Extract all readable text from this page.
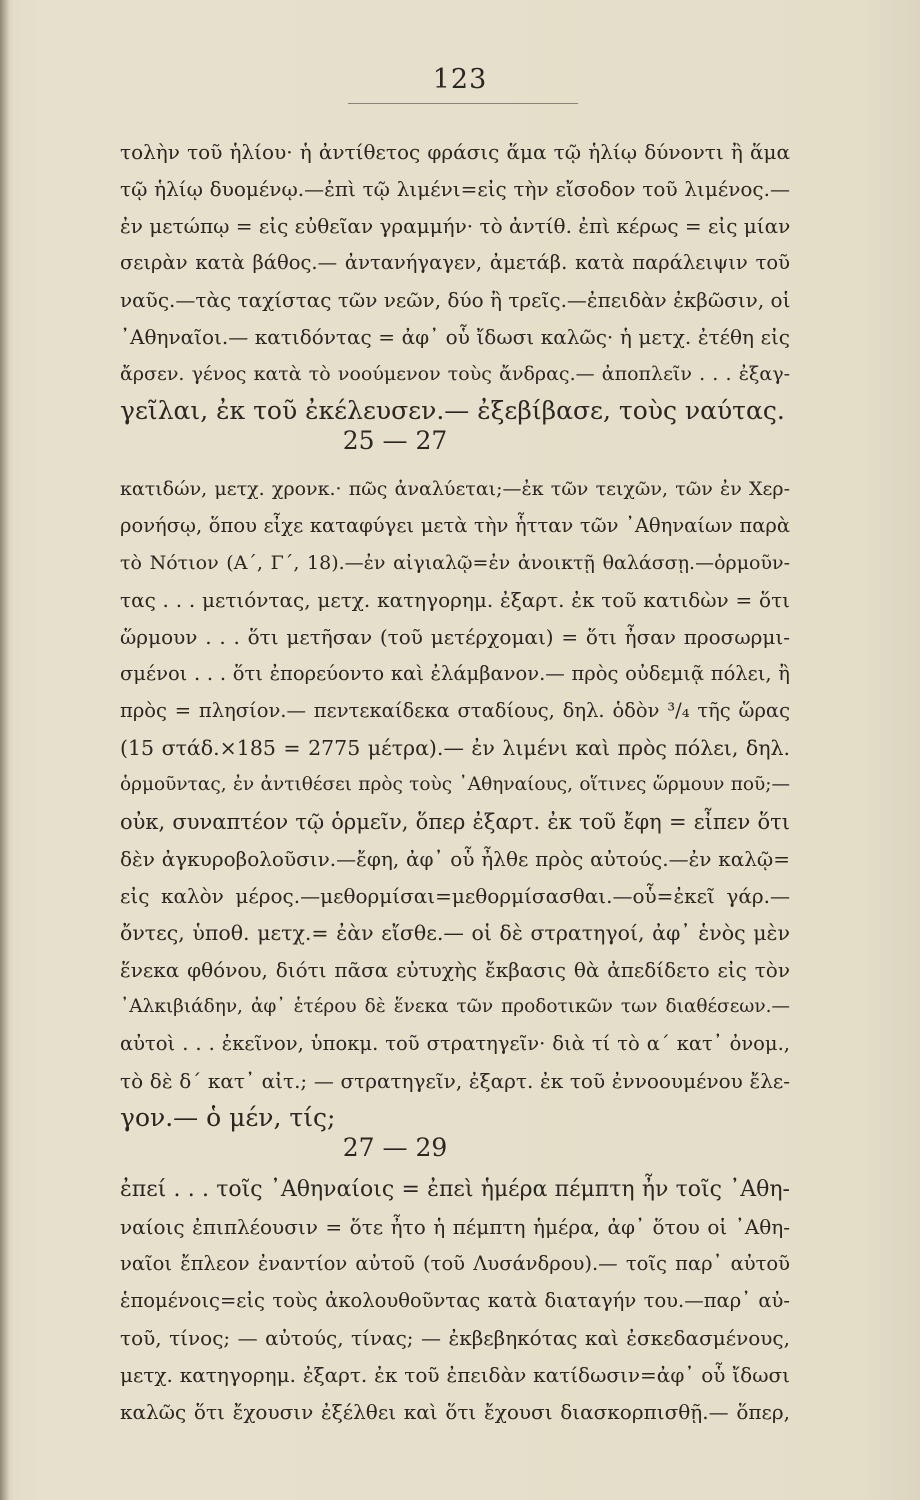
123
τολὴν τοῦ ἡλίου· ἡ ἀντίθετος φράσις ἅμα τῷ ἡλίῳ δύνοντι ἢ ἅμα
τῷ ἡλίῳ δυομένῳ.—ἐπὶ τῷ λιμένι=εἰς τὴν εἴσοδον τοῦ λιμένος.—
ἐν μετώπῳ = εἰς εὐθεῖαν γραμμήν· τὸ ἀντίθ. ἐπὶ κέρως = εἰς μίαν
σειρὰν κατὰ βάθος.— ἀντανήγαγεν, ἀμετάβ. κατὰ παράλειψιν τοῦ
ναῦς.—τὰς ταχίστας τῶν νεῶν, δύο ἢ τρεῖς.—ἐπειδὰν ἐκβῶσιν, οἱ
᾿Αθηναῖοι.— κατιδόντας = ἀφ᾿ οὗ ἴδωσι καλῶς· ἡ μετχ. ἐτέθη εἰς
ἄρσεν. γένος κατὰ τὸ νοούμενον τοὺς ἄνδρας.— ἀποπλεῖν . . . ἐξαγ-
γεῖλαι, ἐκ τοῦ ἐκέλευσεν.— ἐξεβίβασε, τοὺς ναύτας.
25 — 27
κατιδών, μετχ. χρονκ.· πῶς ἀναλύεται;—ἐκ τῶν τειχῶν, τῶν ἐν Χερ-
ρονήσῳ, ὅπου εἶχε καταφύγει μετὰ τὴν ἧτταν τῶν ᾿Αθηναίων παρὰ
τὸ Νότιον (Α΄, Γ΄, 18).—ἐν αἰγιαλῷ=ἐν ἀνοικτῇ θαλάσσῃ.—ὁρμοῦν-
τας . . . μετιόντας, μετχ. κατηγορημ. ἐξαρτ. ἐκ τοῦ κατιδὼν = ὅτι
ὥρμουν . . . ὅτι μετῆσαν (τοῦ μετέρχομαι) = ὅτι ἦσαν προσωρμι-
σμένοι . . . ὅτι ἐπορεύοντο καὶ ἐλάμβανον.— πρὸς οὐδεμιᾷ πόλει, ἢ
πρὸς = πλησίον.— πεντεκαίδεκα σταδίους, δηλ. ὁδὸν ³/₄ τῆς ὥρας
(15 στάδ.×185 = 2775 μέτρα).— ἐν λιμένι καὶ πρὸς πόλει, δηλ.
ὁρμοῦντας, ἐν ἀντιθέσει πρὸς τοὺς ᾿Αθηναίους, οἵτινες ὥρμουν ποῦ;—
οὐκ, συναπτέον τῷ ὁρμεῖν, ὅπερ ἐξαρτ. ἐκ τοῦ ἔφη = εἶπεν ὅτι
δὲν ἀγκυροβολοῦσιν.—ἔφη, ἀφ᾿ οὗ ἦλθε πρὸς αὐτούς.—ἐν καλῷ=
εἰς καλὸν μέρος.—μεθορμίσαι=μεθορμίσασθαι.—οὗ=ἐκεῖ γάρ.—
ὄντες, ὑποθ. μετχ.= ἐὰν εἴσθε.— οἱ δὲ στρατηγοί, ἀφ᾿ ἑνὸς μὲν
ἕνεκα φθόνου, διότι πᾶσα εὐτυχὴς ἔκβασις θὰ ἀπεδίδετο εἰς τὸν
᾿Αλκιβιάδην, ἀφ᾿ ἑτέρου δὲ ἕνεκα τῶν προδοτικῶν των διαθέσεων.—
αὐτοὶ . . . ἐκεῖνον, ὑποκμ. τοῦ στρατηγεῖν· διὰ τί τὸ α΄ κατ᾿ ὀνομ.,
τὸ δὲ δ΄ κατ᾿ αἰτ.; — στρατηγεῖν, ἐξαρτ. ἐκ τοῦ ἐννοουμένου ἔλε-
γον.— ὁ μέν, τίς;
27 — 29
ἐπεί . . . τοῖς ᾿Αθηναίοις = ἐπεὶ ἡμέρα πέμπτη ἦν τοῖς ᾿Αθη-
ναίοις ἐπιπλέουσιν = ὅτε ἦτο ἡ πέμπτη ἡμέρα, ἀφ᾿ ὅτου οἱ ᾿Αθη-
ναῖοι ἔπλεον ἐναντίον αὐτοῦ (τοῦ Λυσάνδρου).— τοῖς παρ᾿ αὐτοῦ
ἑπομένοις=εἰς τοὺς ἀκολουθοῦντας κατὰ διαταγήν του.—παρ᾿ αὐ-
τοῦ, τίνος; — αὐτούς, τίνας; — ἐκβεβηκότας καὶ ἐσκεδασμένους,
μετχ. κατηγορημ. ἐξαρτ. ἐκ τοῦ ἐπειδὰν κατίδωσιν=ἀφ᾿ οὗ ἴδωσι
καλῶς ὅτι ἔχουσιν ἐξέλθει καὶ ὅτι ἔχουσι διασκορπισθῇ.— ὅπερ,
